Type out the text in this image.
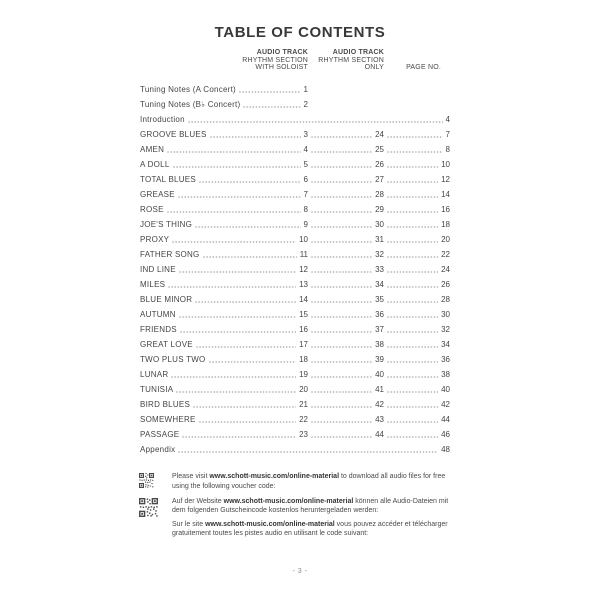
TABLE OF CONTENTS
AUDIO TRACK
RHYTHM SECTION
WITH SOLOIST
AUDIO TRACK
RHYTHM SECTION
ONLY	PAGE NO.
Tuning Notes (A Concert)	1
Tuning Notes (B♭ Concert)	2
Introduction	4
GROOVE BLUES	3	24	7
AMEN	4	25	8
A DOLL	5	26	10
TOTAL BLUES	6	27	12
GREASE	7	28	14
ROSE	8	29	16
JOE'S THING	9	30	18
PROXY	10	31	20
FATHER SONG	11	32	22
IND LINE	12	33	24
MILES	13	34	26
BLUE MINOR	14	35	28
AUTUMN	15	36	30
FRIENDS	16	37	32
GREAT LOVE	17	38	34
TWO PLUS TWO	18	39	36
LUNAR	19	40	38
TUNISIA	20	41	40
BIRD BLUES	21	42	42
SOMEWHERE	22	43	44
PASSAGE	23	44	46
Appendix	48

Please visit www.schott-music.com/online-material to download all audio files for free using the following voucher code:

Auf der Website www.schott-music.com/online-material können alle Audio-Dateien mit dem folgenden Gutscheincode kostenlos heruntergeladen werden:

Sur le site www.schott-music.com/online-material vous pouvez accéder et télécharger gratuitement toutes les pistes audio en utilisant le code suivant:

- 3 -
